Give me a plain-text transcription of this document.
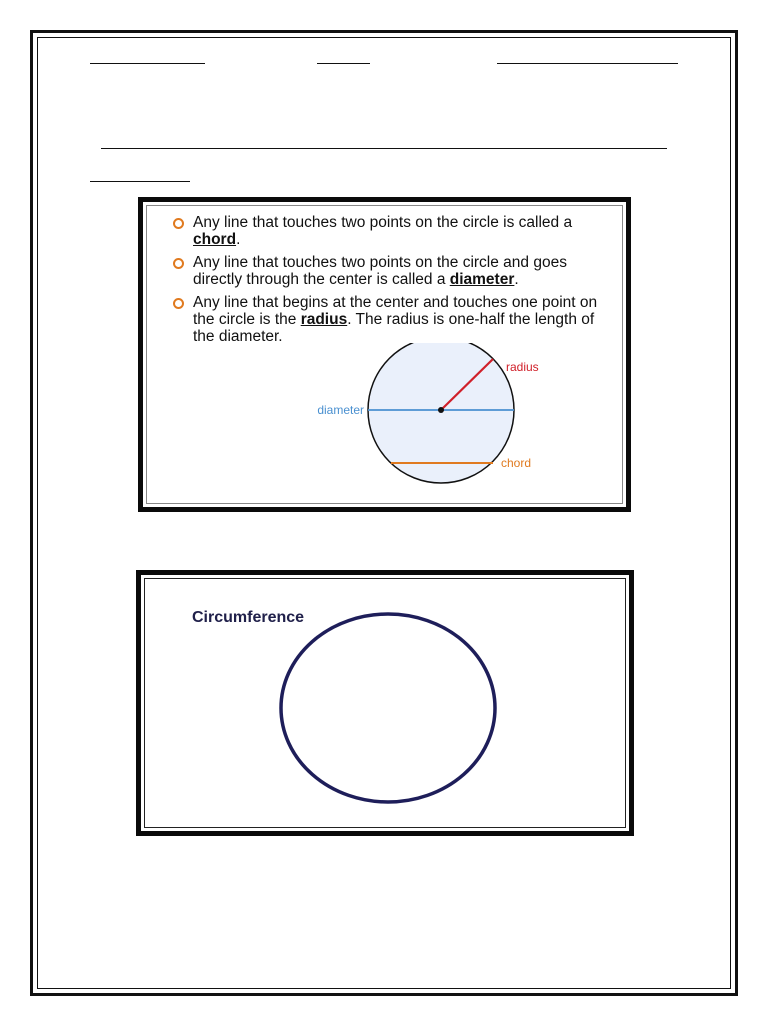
Any line that touches two points on the circle is called a chord.
Any line that touches two points on the circle and goes directly through the center is called a diameter.
Any line that begins at the center and touches one point on the circle is the radius. The radius is one-half the length of the diameter.
radius
diameter
chord
Circumference
